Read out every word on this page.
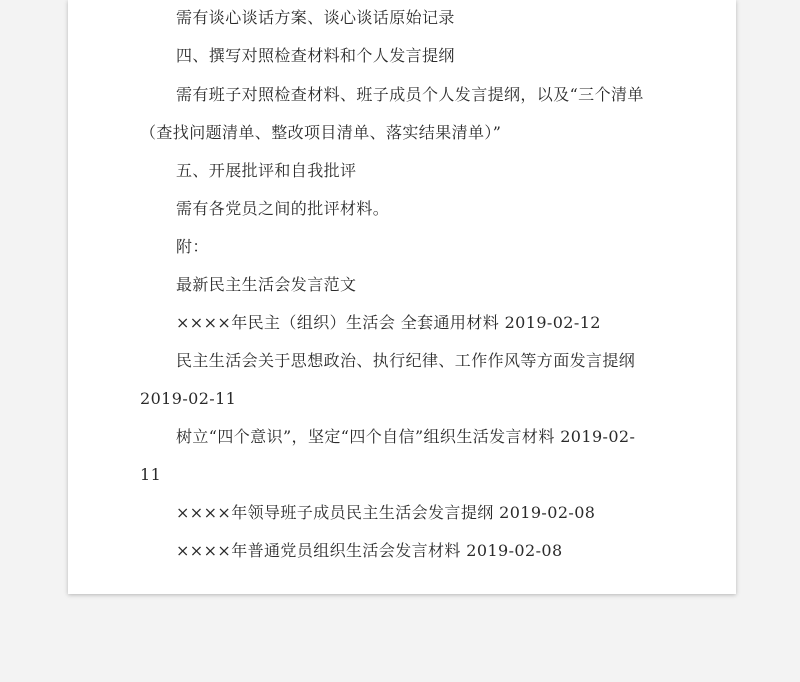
需有谈心谈话方案、谈心谈话原始记录
四、撰写对照检查材料和个人发言提纲
需有班子对照检查材料、班子成员个人发言提纲，以及“三个清单
（查找问题清单、整改项目清单、落实结果清单）”
五、开展批评和自我批评
需有各党员之间的批评材料。
附：
最新民主生活会发言范文
××××年民主（组织）生活会 全套通用材料 2019-02-12
民主生活会关于思想政治、执行纪律、工作作风等方面发言提纲
2019-02-11
树立“四个意识”，坚定“四个自信”组织生活发言材料 2019-02-
11
××××年领导班子成员民主生活会发言提纲 2019-02-08
××××年普通党员组织生活会发言材料 2019-02-08
